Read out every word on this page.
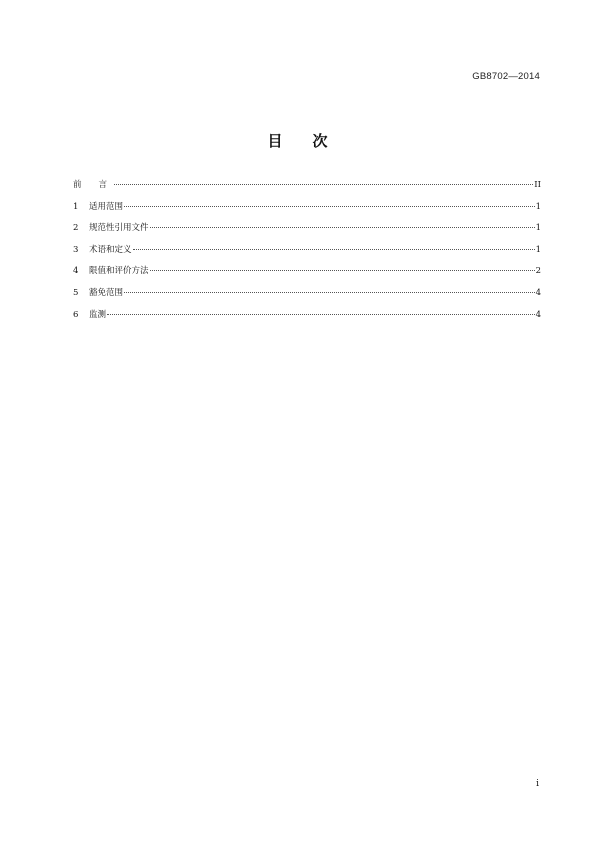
GB8702—2014
目 次
前　　言	II
1	适用范围	1
2	规范性引用文件	1
3	术语和定义	1
4	限值和评价方法	2
5	豁免范围	4
6	监测	4
i
